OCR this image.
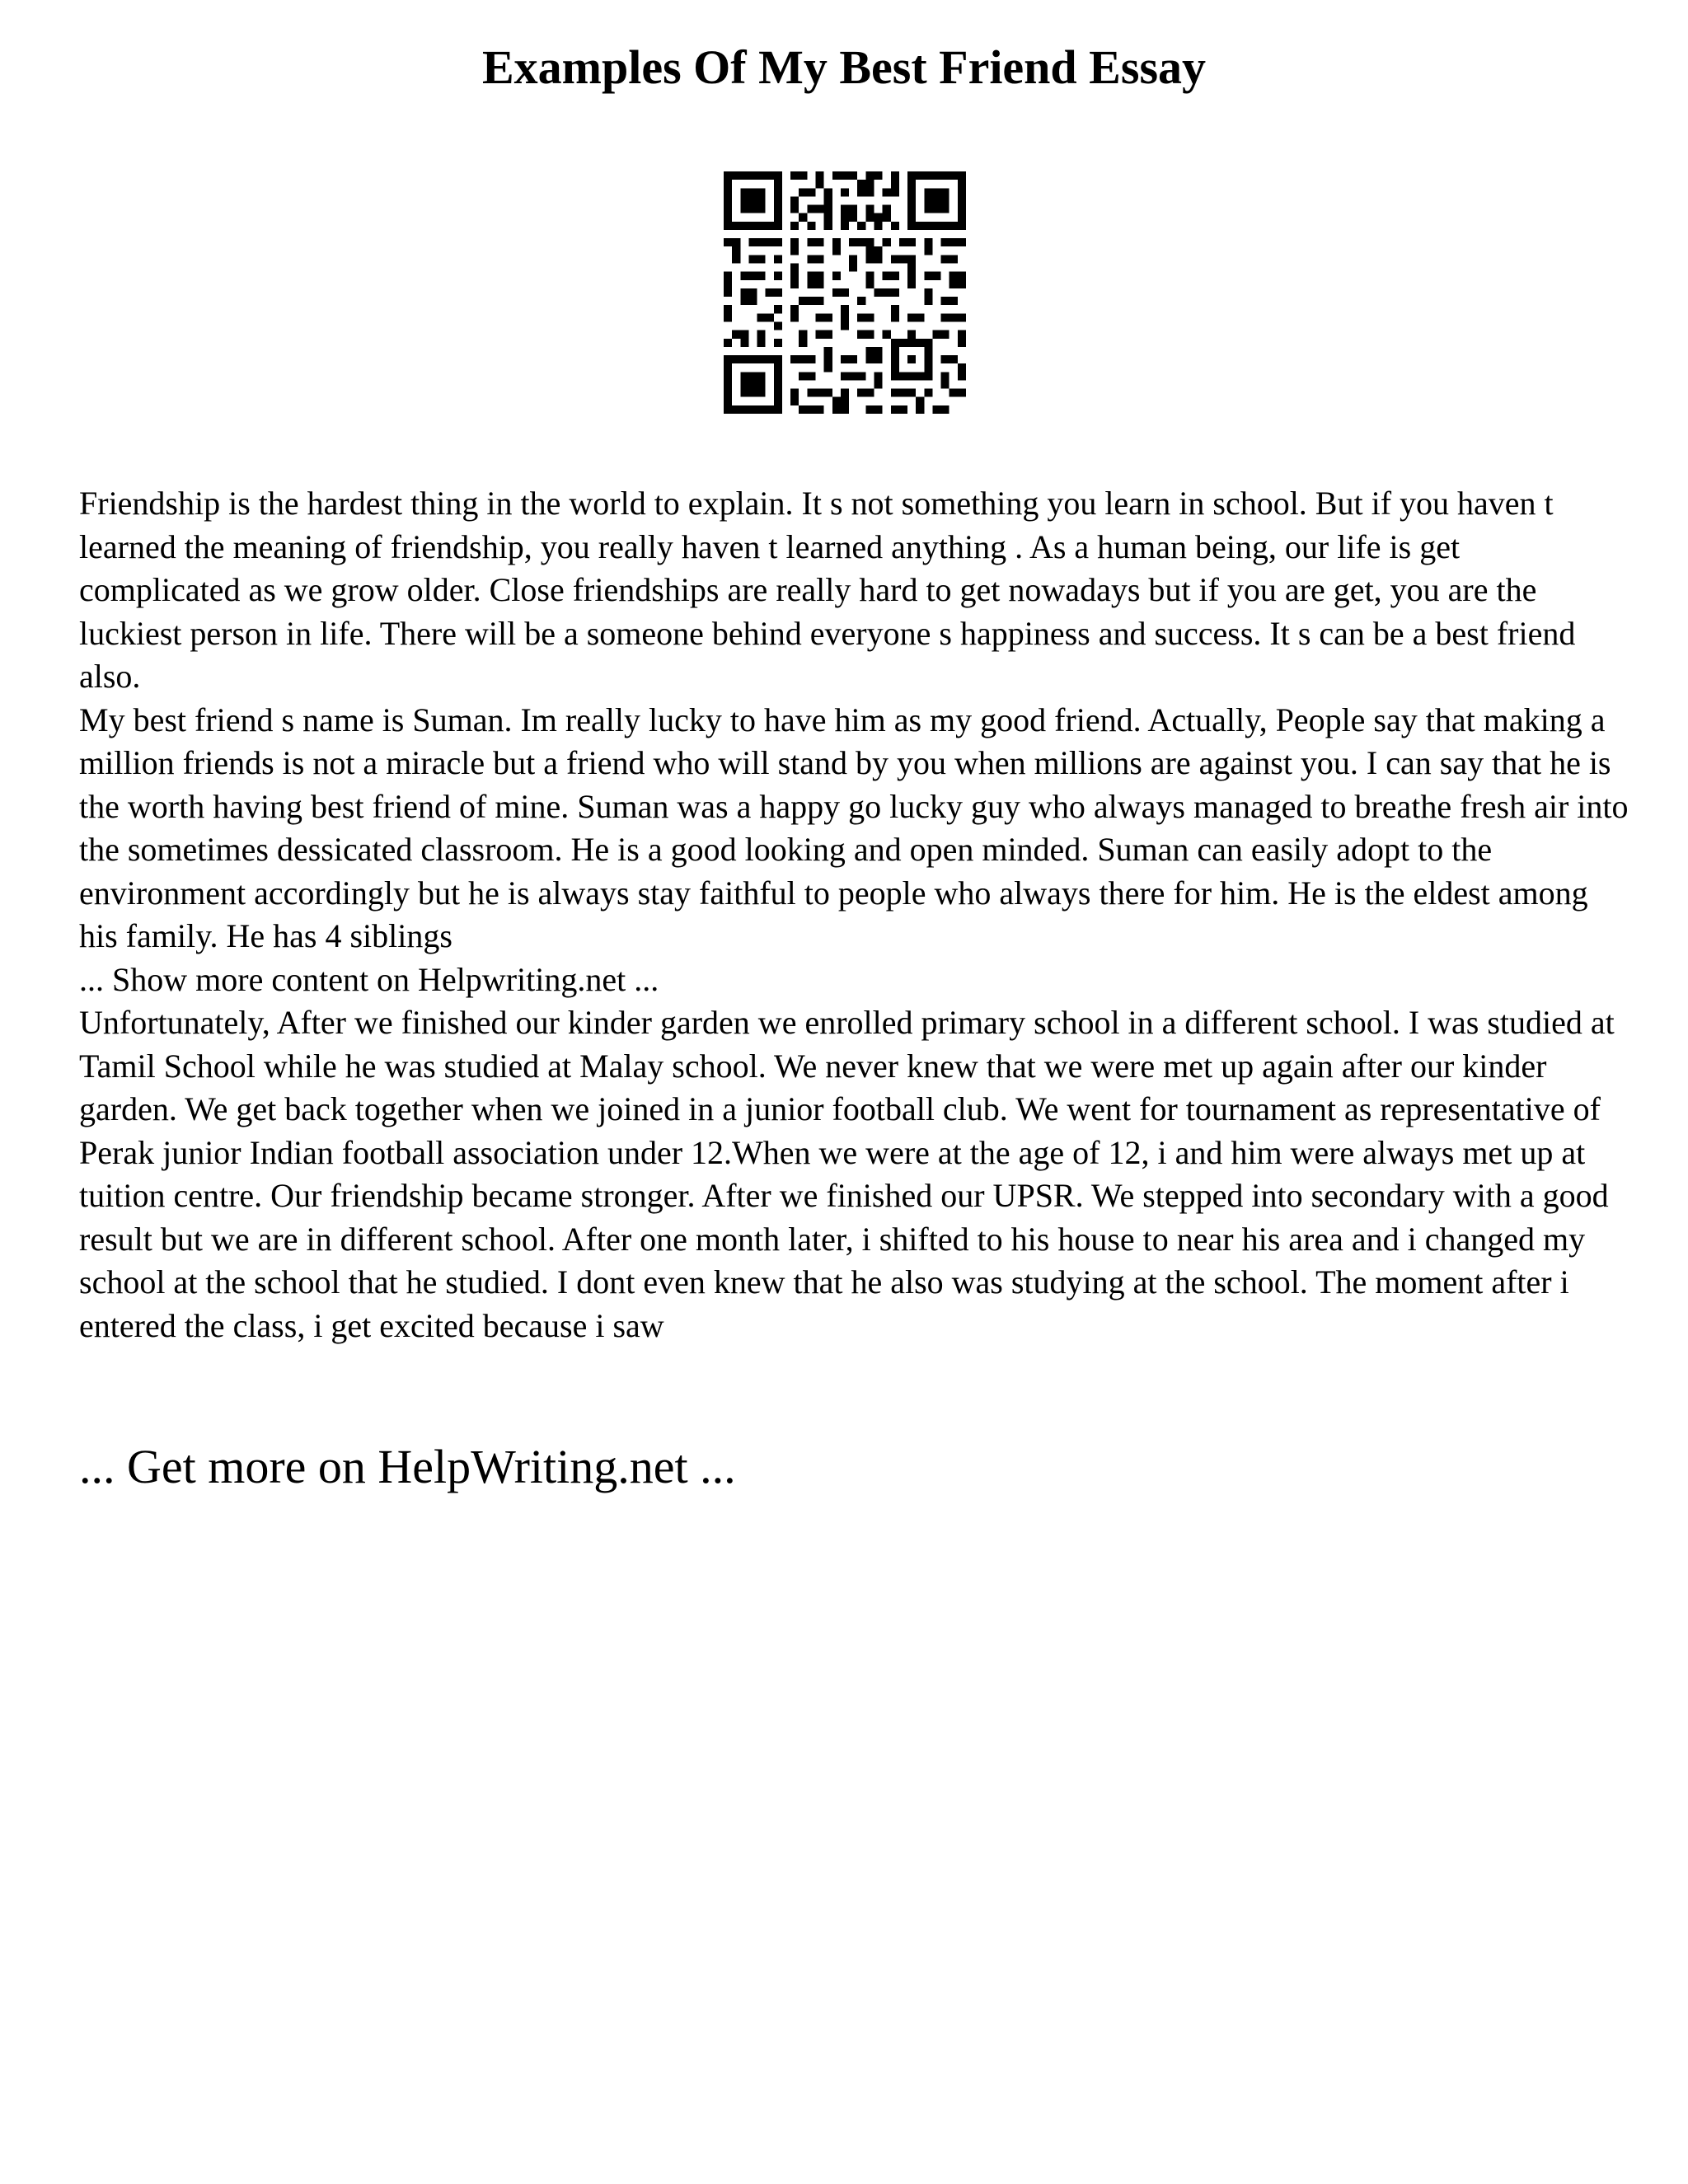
Examples Of My Best Friend Essay

Friendship is the hardest thing in the world to explain. It s not something you learn in school. But if you haven t learned the meaning of friendship, you really haven t learned anything . As a human being, our life is get complicated as we grow older. Close friendships are really hard to get nowadays but if you are get, you are the luckiest person in life. There will be a someone behind everyone s happiness and success. It s can be a best friend also.

My best friend s name is Suman. Im really lucky to have him as my good friend. Actually, People say that making a million friends is not a miracle but a friend who will stand by you when millions are against you. I can say that he is the worth having best friend of mine. Suman was a happy go lucky guy who always managed to breathe fresh air into the sometimes dessicated classroom. He is a good looking and open minded. Suman can easily adopt to the environment accordingly but he is always stay faithful to people who always there for him. He is the eldest among his family. He has 4 siblings

... Show more content on Helpwriting.net ...

Unfortunately, After we finished our kinder garden we enrolled primary school in a different school. I was studied at Tamil School while he was studied at Malay school. We never knew that we were met up again after our kinder garden. We get back together when we joined in a junior football club. We went for tournament as representative of Perak junior Indian football association under 12.When we were at the age of 12, i and him were always met up at tuition centre. Our friendship became stronger. After we finished our UPSR. We stepped into secondary with a good result but we are in different school. After one month later, i shifted to his house to near his area and i changed my school at the school that he studied. I dont even knew that he also was studying at the school. The moment after i entered the class, i get excited because i saw

... Get more on HelpWriting.net ...
